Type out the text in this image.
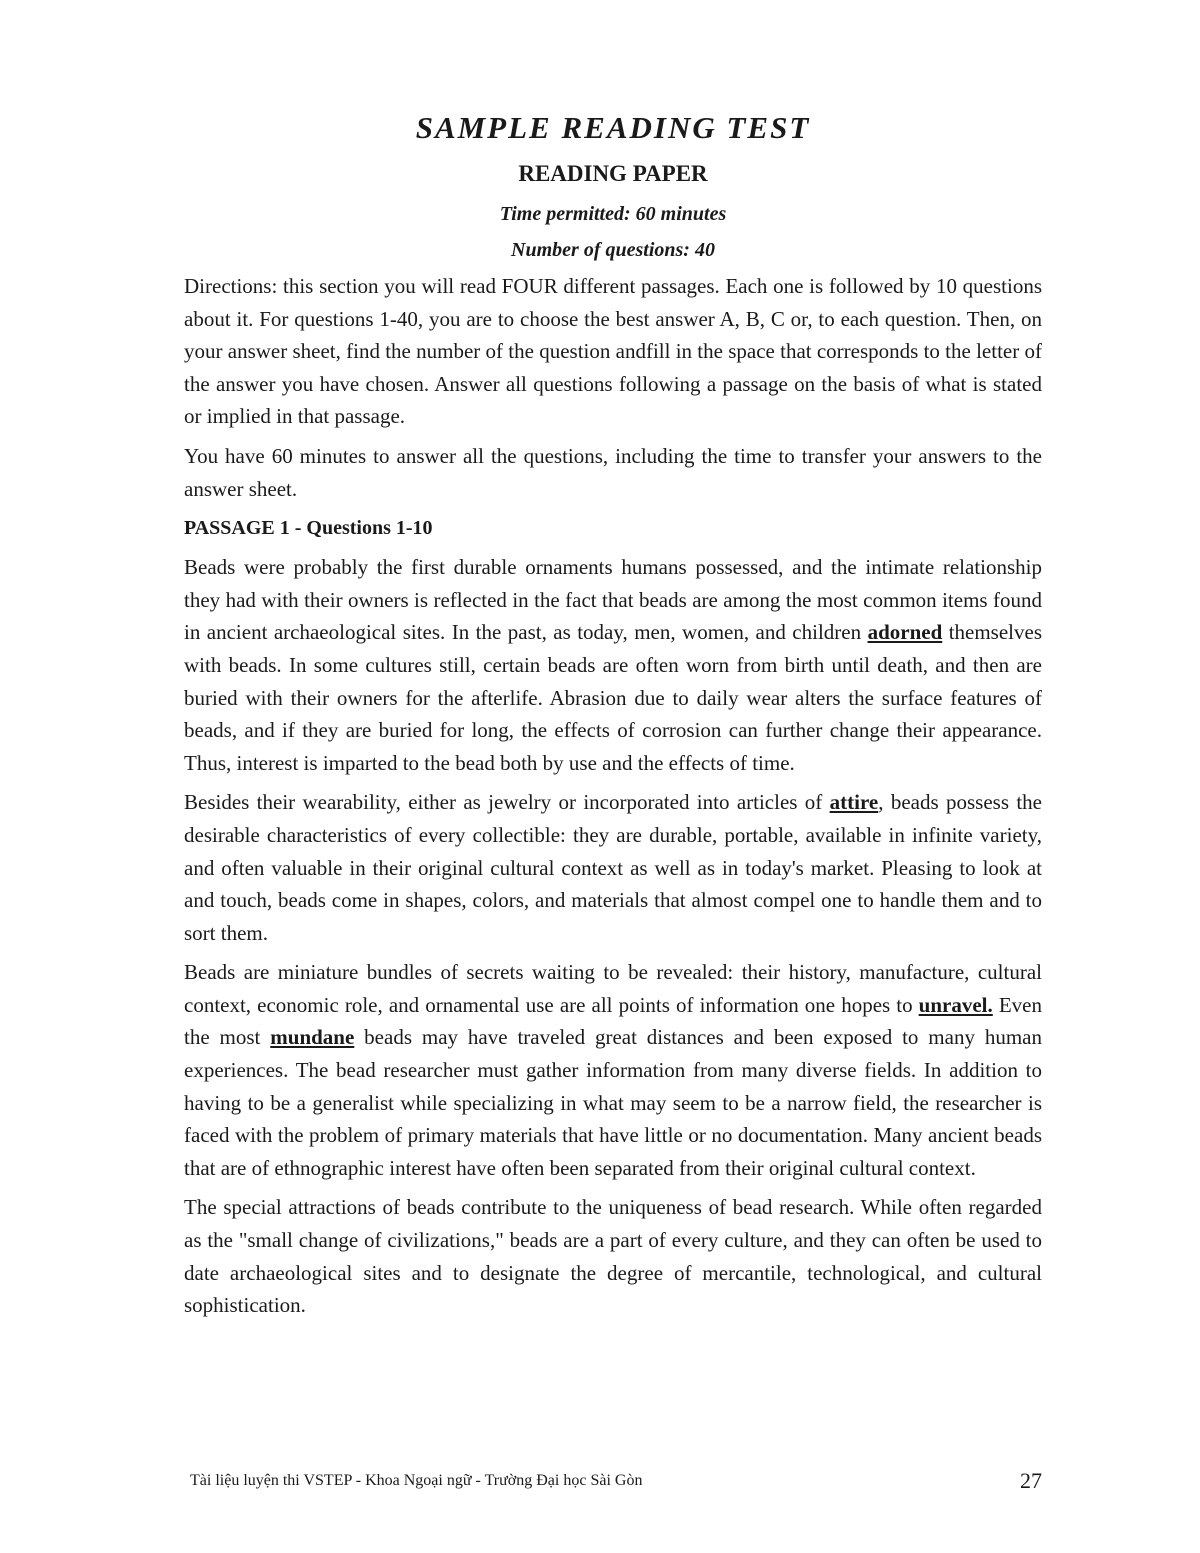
SAMPLE READING TEST
READING PAPER
Time permitted: 60 minutes
Number of questions: 40

Directions: this section you will read FOUR different passages. Each one is followed by 10 questions about it. For questions 1-40, you are to choose the best answer A, B, C or, to each question. Then, on your answer sheet, find the number of the question andfill in the space that corresponds to the letter of the answer you have chosen. Answer all questions following a passage on the basis of what is stated or implied in that passage.

You have 60 minutes to answer all the questions, including the time to transfer your answers to the answer sheet.

PASSAGE 1 - Questions 1-10

Beads were probably the first durable ornaments humans possessed, and the intimate relationship they had with their owners is reflected in the fact that beads are among the most common items found in ancient archaeological sites. In the past, as today, men, women, and children adorned themselves with beads. In some cultures still, certain beads are often worn from birth until death, and then are buried with their owners for the afterlife. Abrasion due to daily wear alters the surface features of beads, and if they are buried for long, the effects of corrosion can further change their appearance. Thus, interest is imparted to the bead both by use and the effects of time.

Besides their wearability, either as jewelry or incorporated into articles of attire, beads possess the desirable characteristics of every collectible: they are durable, portable, available in infinite variety, and often valuable in their original cultural context as well as in today's market. Pleasing to look at and touch, beads come in shapes, colors, and materials that almost compel one to handle them and to sort them.

Beads are miniature bundles of secrets waiting to be revealed: their history, manufacture, cultural context, economic role, and ornamental use are all points of information one hopes to unravel. Even the most mundane beads may have traveled great distances and been exposed to many human experiences. The bead researcher must gather information from many diverse fields. In addition to having to be a generalist while specializing in what may seem to be a narrow field, the researcher is faced with the problem of primary materials that have little or no documentation. Many ancient beads that are of ethnographic interest have often been separated from their original cultural context.

The special attractions of beads contribute to the uniqueness of bead research. While often regarded as the "small change of civilizations," beads are a part of every culture, and they can often be used to date archaeological sites and to designate the degree of mercantile, technological, and cultural sophistication.

Tài liệu luyện thi VSTEP - Khoa Ngoại ngữ - Trường Đại học Sài Gòn	27
